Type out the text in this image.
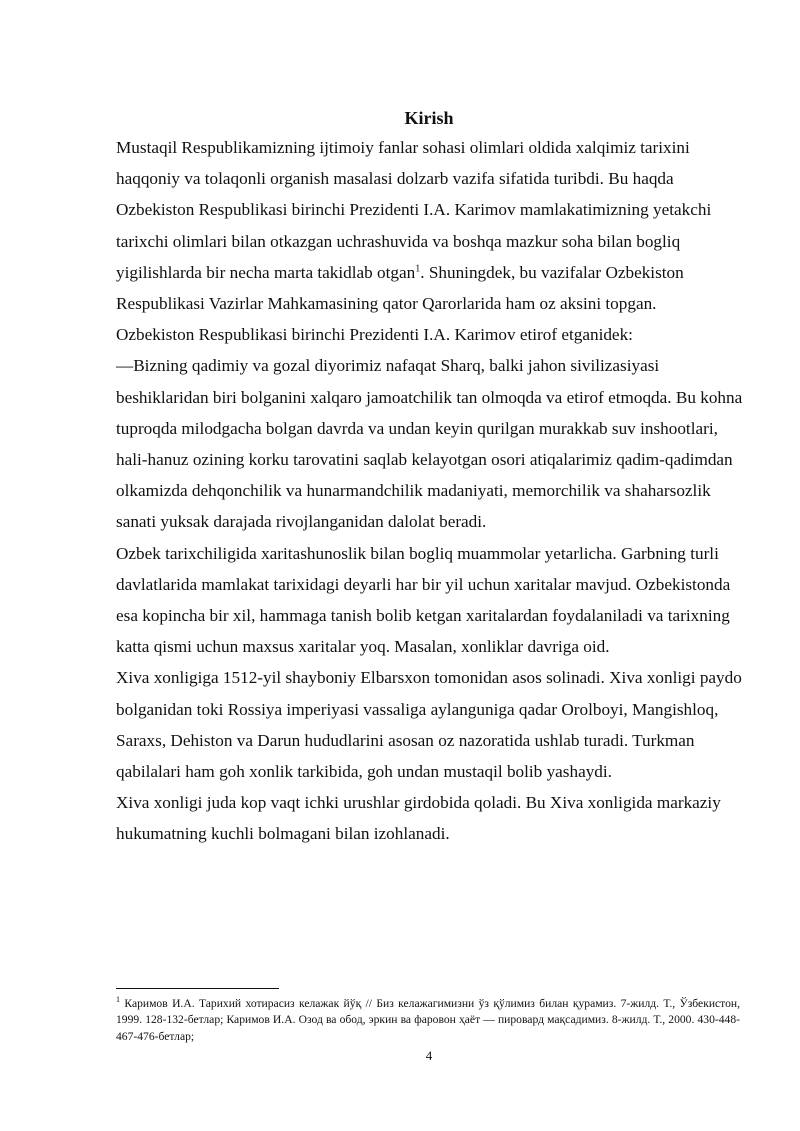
Kirish

Mustaqil Respublikamizning ijtimoiy fanlar sohasi olimlari oldida xalqimiz tarixini haqqoniy va tolaqonli organish masalasi dolzarb vazifa sifatida turibdi. Bu haqda Ozbekiston Respublikasi birinchi Prezidenti I.A. Karimov mamlakatimizning yetakchi tarixchi olimlari bilan otkazgan uchrashuvida va boshqa mazkur soha bilan bogliq yigilishlarda bir necha marta takidlab otgan$^1$. Shuningdek, bu vazifalar Ozbekiston Respublikasi Vazirlar Mahkamasining qator Qarorlarida ham oz aksini topgan.

Ozbekiston Respublikasi birinchi Prezidenti I.A. Karimov etirof etganidek:

—Bizning qadimiy va gozal diyorimiz nafaqat Sharq, balki jahon sivilizasiyasi beshiklaridan biri bolganini xalqaro jamoatchilik tan olmoqda va etirof etmoqda. Bu kohna tuproqda milodgacha bolgan davrda va undan keyin qurilgan murakkab suv inshootlari, hali-hanuz ozining korku tarovatini saqlab kelayotgan osori atiqalarimiz qadim-qadimdan olkamizda dehqonchilik va hunarmandchilik madaniyati, memorchilik va shaharsozlik sanati yuksak darajada rivojlanganidan dalolat beradi.

Ozbek tarixchiligida xaritashunoslik bilan bogliq muammolar yetarlicha. Garbning turli davlatlarida mamlakat tarixidagi deyarli har bir yil uchun xaritalar mavjud. Ozbekistonda esa kopincha bir xil, hammaga tanish bolib ketgan xaritalardan foydalaniladi va tarixning katta qismi uchun maxsus xaritalar yoq. Masalan, xonliklar davriga oid.

Xiva xonligiga 1512-yil shayboniy Elbarsxon tomonidan asos solinadi. Xiva xonligi paydo bolganidan toki Rossiya imperiyasi vassaliga aylanguniga qadar Orolboyi, Mangishloq, Saraxs, Dehiston va Darun hududlarini asosan oz nazoratida ushlab turadi. Turkman qabilalari ham goh xonlik tarkibida, goh undan mustaqil bolib yashaydi.

Xiva xonligi juda kop vaqt ichki urushlar girdobida qoladi. Bu Xiva xonligida markaziy hukumatning kuchli bolmagani bilan izohlanadi.

$^1$ Каримов И.А. Тарихий хотирасиз келажак йўқ // Биз келажагимизни ўз қўлимиз билан қурамиз. 7-жилд. Т., Ўзбекистон, 1999. 128-132-бетлар; Каримов И.А. Озод ва обод, эркин ва фаровон ҳаёт — пировард мақсадимиз. 8-жилд. Т., 2000. 430-448-467-476-бетлар;
4
